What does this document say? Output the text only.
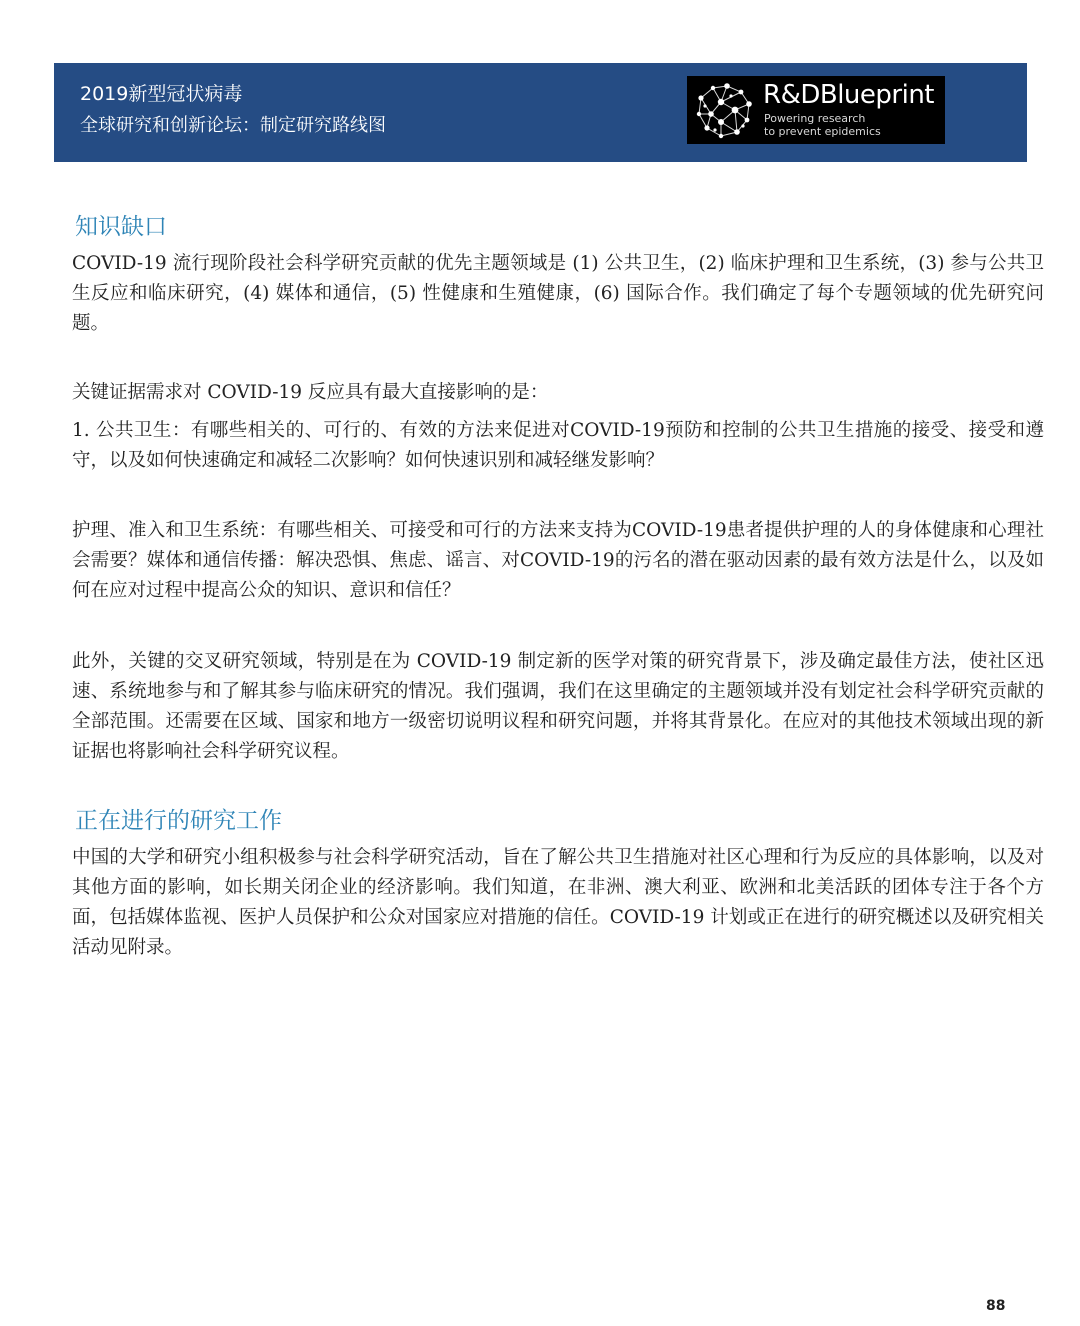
2019新型冠状病毒
全球研究和创新论坛：制定研究路线图
R&DBlueprint
Powering research
to prevent epidemics
知识缺口

COVID-19 流行现阶段社会科学研究贡献的优先主题领域是 (1) 公共卫生，(2) 临床护理和卫生系统，(3) 参与公共卫生反应和临床研究，(4) 媒体和通信，(5) 性健康和生殖健康，(6) 国际合作。我们确定了每个专题领域的优先研究问题。

关键证据需求对 COVID-19 反应具有最大直接影响的是：

1. 公共卫生：有哪些相关的、可行的、有效的方法来促进对COVID-19预防和控制的公共卫生措施的接受、接受和遵守，以及如何快速确定和减轻二次影响？如何快速识别和减轻继发影响？

护理、准入和卫生系统：有哪些相关、可接受和可行的方法来支持为COVID-19患者提供护理的人的身体健康和心理社会需要？媒体和通信传播：解决恐惧、焦虑、谣言、对COVID-19的污名的潜在驱动因素的最有效方法是什么，以及如何在应对过程中提高公众的知识、意识和信任？

此外，关键的交叉研究领域，特别是在为 COVID-19 制定新的医学对策的研究背景下，涉及确定最佳方法，使社区迅速、系统地参与和了解其参与临床研究的情况。我们强调，我们在这里确定的主题领域并没有划定社会科学研究贡献的全部范围。还需要在区域、国家和地方一级密切说明议程和研究问题，并将其背景化。在应对的其他技术领域出现的新证据也将影响社会科学研究议程。

正在进行的研究工作

中国的大学和研究小组积极参与社会科学研究活动，旨在了解公共卫生措施对社区心理和行为反应的具体影响，以及对其他方面的影响，如长期关闭企业的经济影响。我们知道，在非洲、澳大利亚、欧洲和北美活跃的团体专注于各个方面，包括媒体监视、医护人员保护和公众对国家应对措施的信任。COVID-19 计划或正在进行的研究概述以及研究相关活动见附录。

88
